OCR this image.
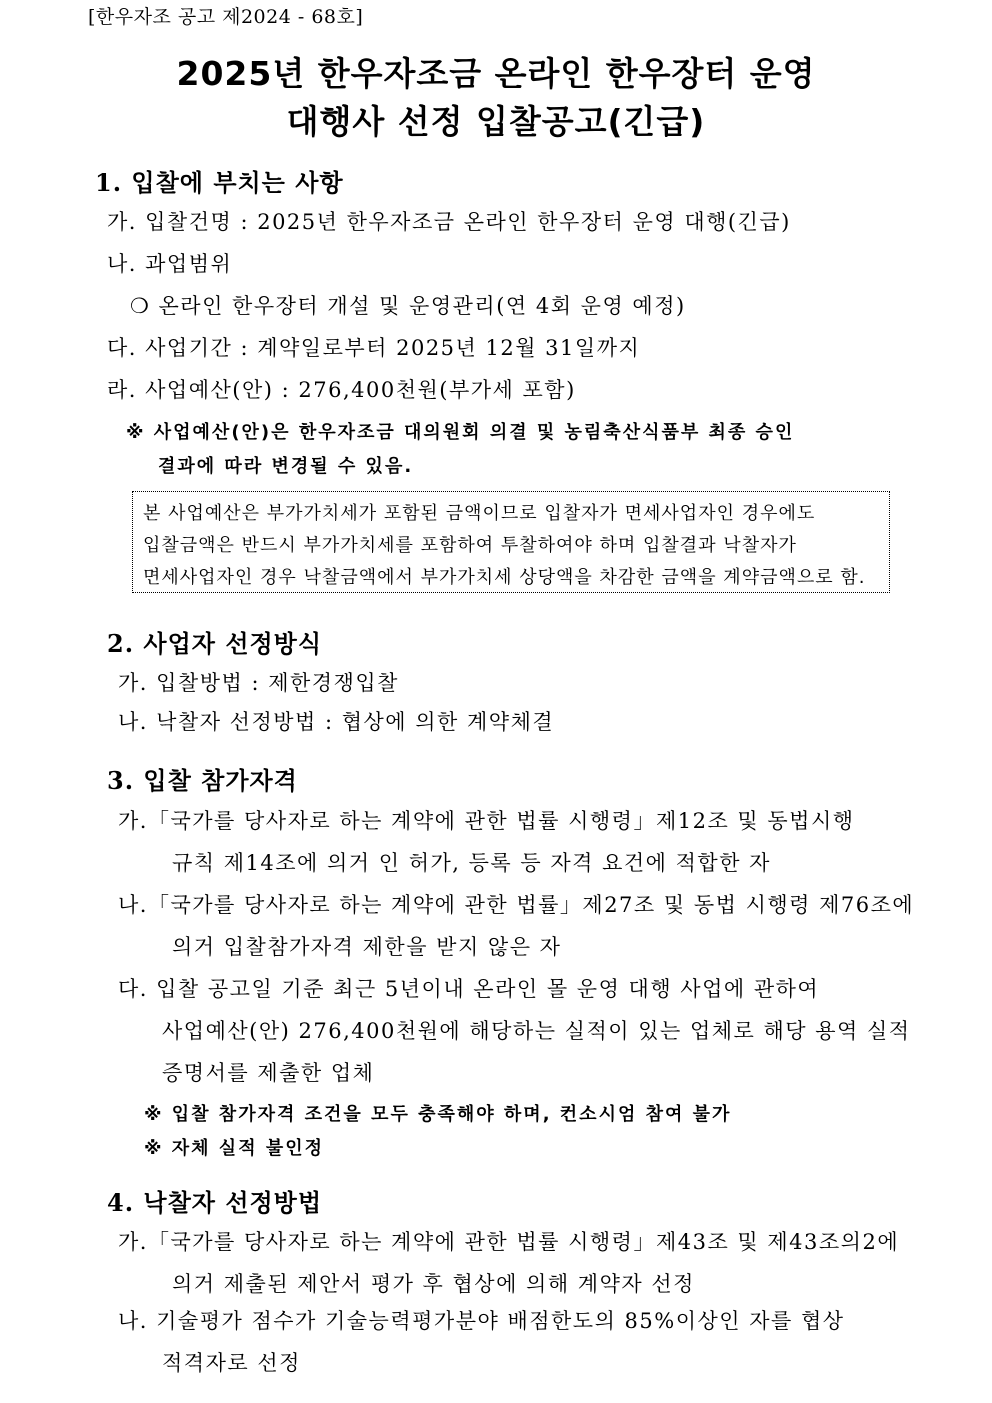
[한우자조 공고 제2024 - 68호]
2025년 한우자조금 온라인 한우장터 운영
대행사 선정 입찰공고(긴급)
1. 입찰에 부치는 사항
가. 입찰건명 : 2025년 한우자조금 온라인 한우장터 운영 대행(긴급)
나. 과업범위
❍ 온라인 한우장터 개설 및 운영관리(연 4회 운영 예정)
다. 사업기간 : 계약일로부터 2025년 12월 31일까지
라. 사업예산(안) : 276,400천원(부가세 포함)
※ 사업예산(안)은 한우자조금 대의원회 의결 및 농림축산식품부 최종 승인
결과에 따라 변경될 수 있음.
본 사업예산은 부가가치세가 포함된 금액이므로 입찰자가 면세사업자인 경우에도
입찰금액은 반드시 부가가치세를 포함하여 투찰하여야 하며 입찰결과 낙찰자가
면세사업자인 경우 낙찰금액에서 부가가치세 상당액을 차감한 금액을 계약금액으로 함.
2. 사업자 선정방식
가. 입찰방법 : 제한경쟁입찰
나. 낙찰자 선정방법 : 협상에 의한 계약체결
3. 입찰 참가자격
가.「국가를 당사자로 하는 계약에 관한 법률 시행령」제12조 및 동법시행
규칙 제14조에 의거 인 허가, 등록 등 자격 요건에 적합한 자
나.「국가를 당사자로 하는 계약에 관한 법률」제27조 및 동법 시행령 제76조에
의거 입찰참가자격 제한을 받지 않은 자
다. 입찰 공고일 기준 최근 5년이내 온라인 몰 운영 대행 사업에 관하여
사업예산(안) 276,400천원에 해당하는 실적이 있는 업체로 해당 용역 실적
증명서를 제출한 업체
※ 입찰 참가자격 조건을 모두 충족해야 하며, 컨소시엄 참여 불가
※ 자체 실적 불인정
4. 낙찰자 선정방법
가.「국가를 당사자로 하는 계약에 관한 법률 시행령」제43조 및 제43조의2에
의거 제출된 제안서 평가 후 협상에 의해 계약자 선정
나. 기술평가 점수가 기술능력평가분야 배점한도의 85%이상인 자를 협상
적격자로 선정
